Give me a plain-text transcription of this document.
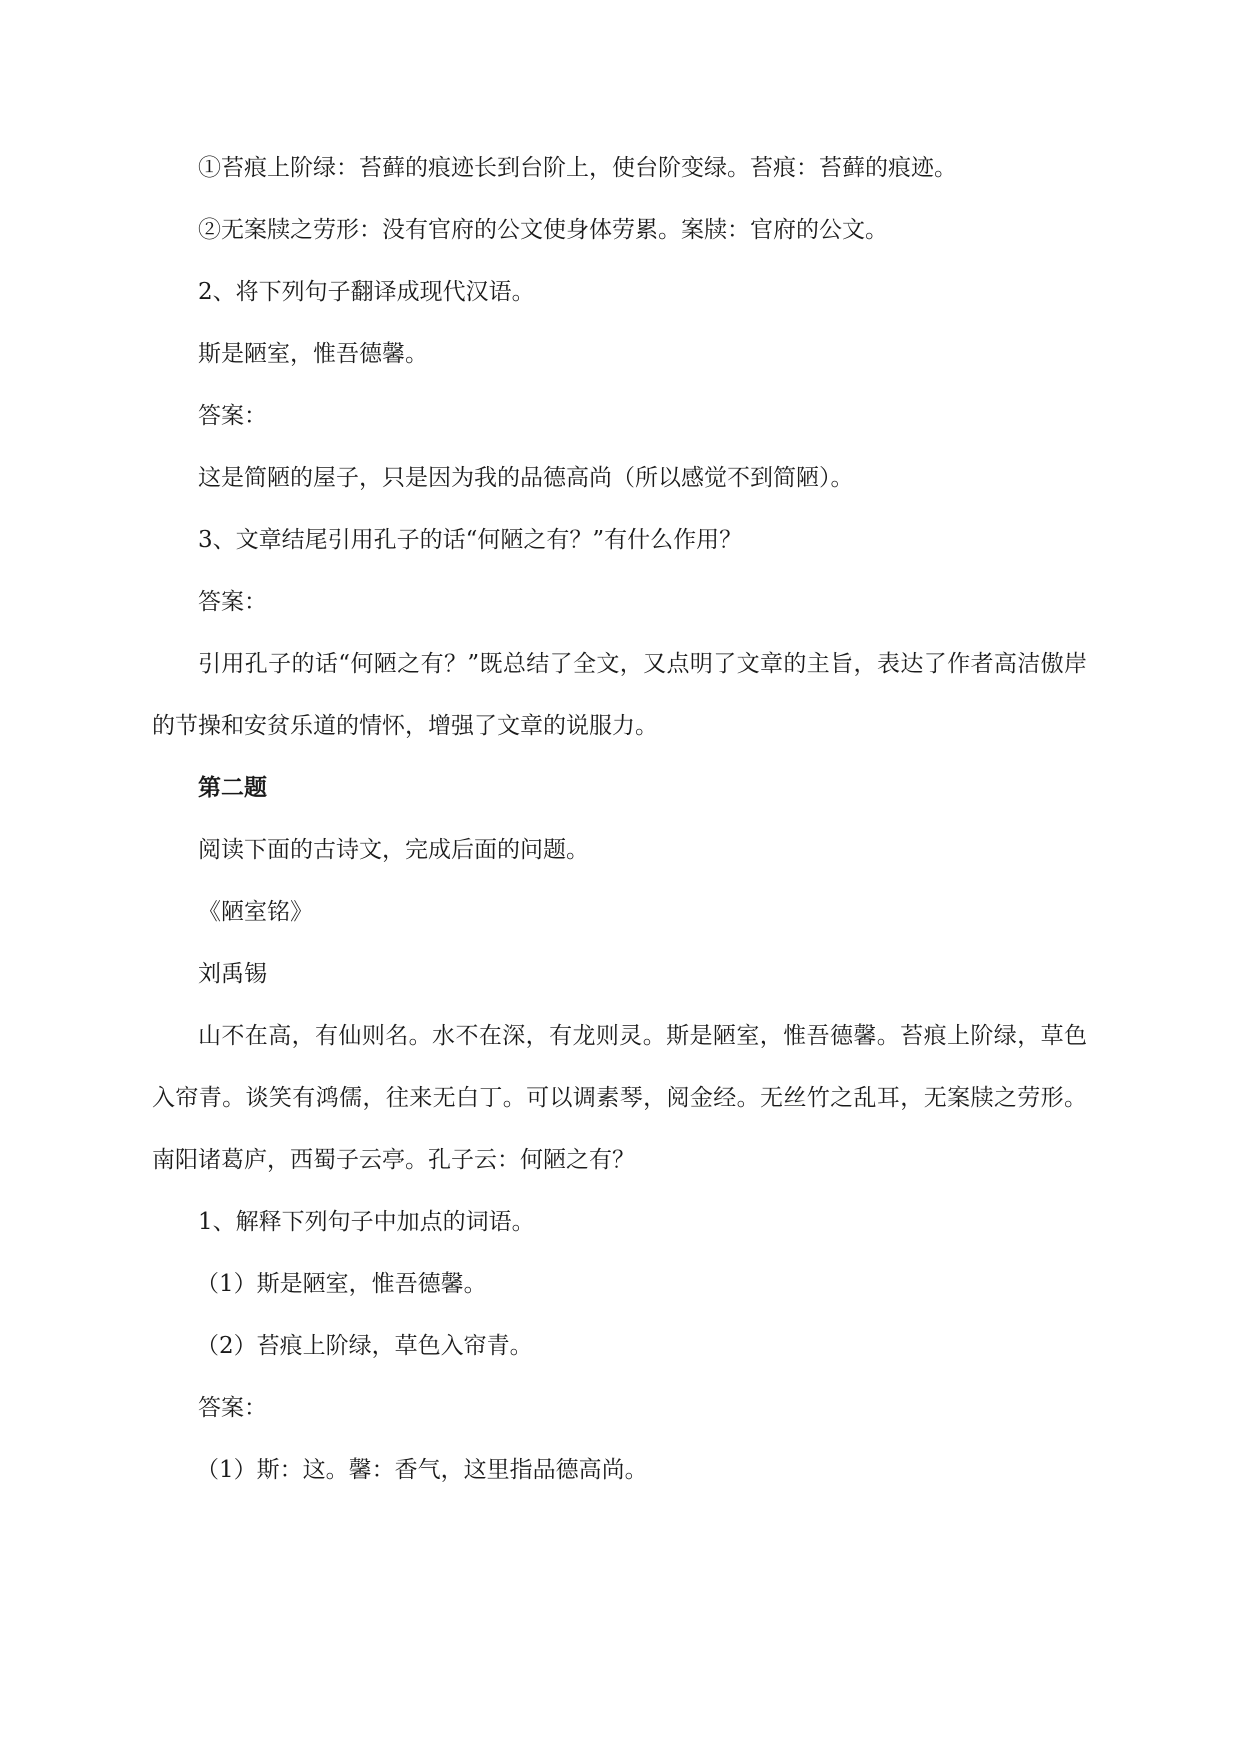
①苔痕上阶绿：苔藓的痕迹长到台阶上，使台阶变绿。苔痕：苔藓的痕迹。

②无案牍之劳形：没有官府的公文使身体劳累。案牍：官府的公文。

2、将下列句子翻译成现代汉语。

斯是陋室，惟吾德馨。

答案：

这是简陋的屋子，只是因为我的品德高尚（所以感觉不到简陋）。

3、文章结尾引用孔子的话“何陋之有？”有什么作用？

答案：

引用孔子的话“何陋之有？”既总结了全文，又点明了文章的主旨，表达了作者高洁傲岸的节操和安贫乐道的情怀，增强了文章的说服力。

第二题

阅读下面的古诗文，完成后面的问题。

《陋室铭》

刘禹锡

山不在高，有仙则名。水不在深，有龙则灵。斯是陋室，惟吾德馨。苔痕上阶绿，草色入帘青。谈笑有鸿儒，往来无白丁。可以调素琴，阅金经。无丝竹之乱耳，无案牍之劳形。南阳诸葛庐，西蜀子云亭。孔子云：何陋之有？

1、解释下列句子中加点的词语。

（1）斯是陋室，惟吾德馨。

（2）苔痕上阶绿，草色入帘青。

答案：

（1）斯：这。馨：香气，这里指品德高尚。
